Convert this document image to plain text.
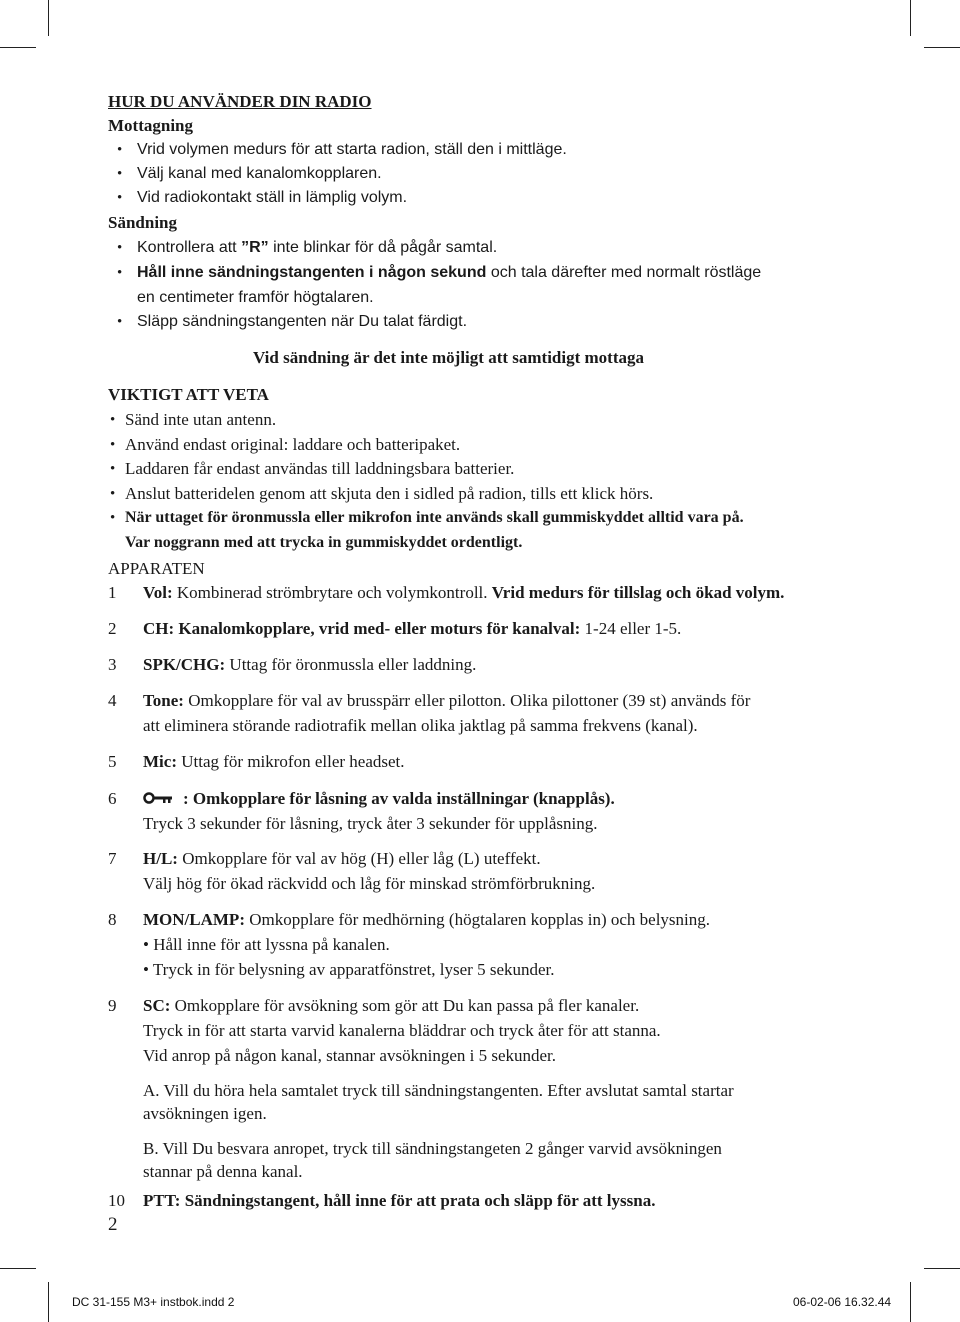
HUR DU ANVÄNDER DIN RADIO
Mottagning
• Vrid volymen medurs för att starta radion, ställ den i mittläge.
• Välj kanal med kanalomkopplaren.
• Vid radiokontakt ställ in lämplig volym.
Sändning
• Kontrollera att ”R” inte blinkar för då pågår samtal.
• Håll inne sändningstangenten i någon sekund och tala därefter med normalt röstläge
en centimeter framför högtalaren.
• Släpp sändningstangenten när Du talat färdigt.
Vid sändning är det inte möjligt att samtidigt mottaga
VIKTIGT ATT VETA
• Sänd inte utan antenn.
• Använd endast original: laddare och batteripaket.
• Laddaren får endast användas till laddningsbara batterier.
• Anslut batteridelen genom att skjuta den i sidled på radion, tills ett klick hörs.
• När uttaget för öronmussla eller mikrofon inte används skall gummiskyddet alltid vara på.
Var noggrann med att trycka in gummiskyddet ordentligt.
APPARATEN
1 Vol: Kombinerad strömbrytare och volymkontroll. Vrid medurs för tillslag och ökad volym.
2 CH: Kanalomkopplare, vrid med- eller moturs för kanalval: 1-24 eller 1-5.
3 SPK/CHG: Uttag för öronmussla eller laddning.
4 Tone: Omkopplare för val av brusspärr eller pilotton. Olika pilottoner (39 st) används för
att eliminera störande radiotrafik mellan olika jaktlag på samma frekvens (kanal).
5 Mic: Uttag för mikrofon eller headset.
6	: Omkopplare för låsning av valda inställningar (knapplås).
Tryck 3 sekunder för låsning, tryck åter 3 sekunder för upplåsning.
7 H/L: Omkopplare för val av hög (H) eller låg (L) uteffekt.
Välj hög för ökad räckvidd och låg för minskad strömförbrukning.
8 MON/LAMP: Omkopplare för medhörning (högtalaren kopplas in) och belysning.
• Håll inne för att lyssna på kanalen.
• Tryck in för belysning av apparatfönstret, lyser 5 sekunder.
9 SC: Omkopplare för avsökning som gör att Du kan passa på fler kanaler.
Tryck in för att starta varvid kanalerna bläddrar och tryck åter för att stanna.
Vid anrop på någon kanal, stannar avsökningen i 5 sekunder.
A. Vill du höra hela samtalet tryck till sändningstangenten. Efter avslutat samtal startar
avsökningen igen.
B. Vill Du besvara anropet, tryck till sändningstangeten 2 gånger varvid avsökningen
stannar på denna kanal.
10 PTT: Sändningstangent, håll inne för att prata och släpp för att lyssna.
2
DC 31-155 M3+ instbok.indd 2	06-02-06 16.32.44
